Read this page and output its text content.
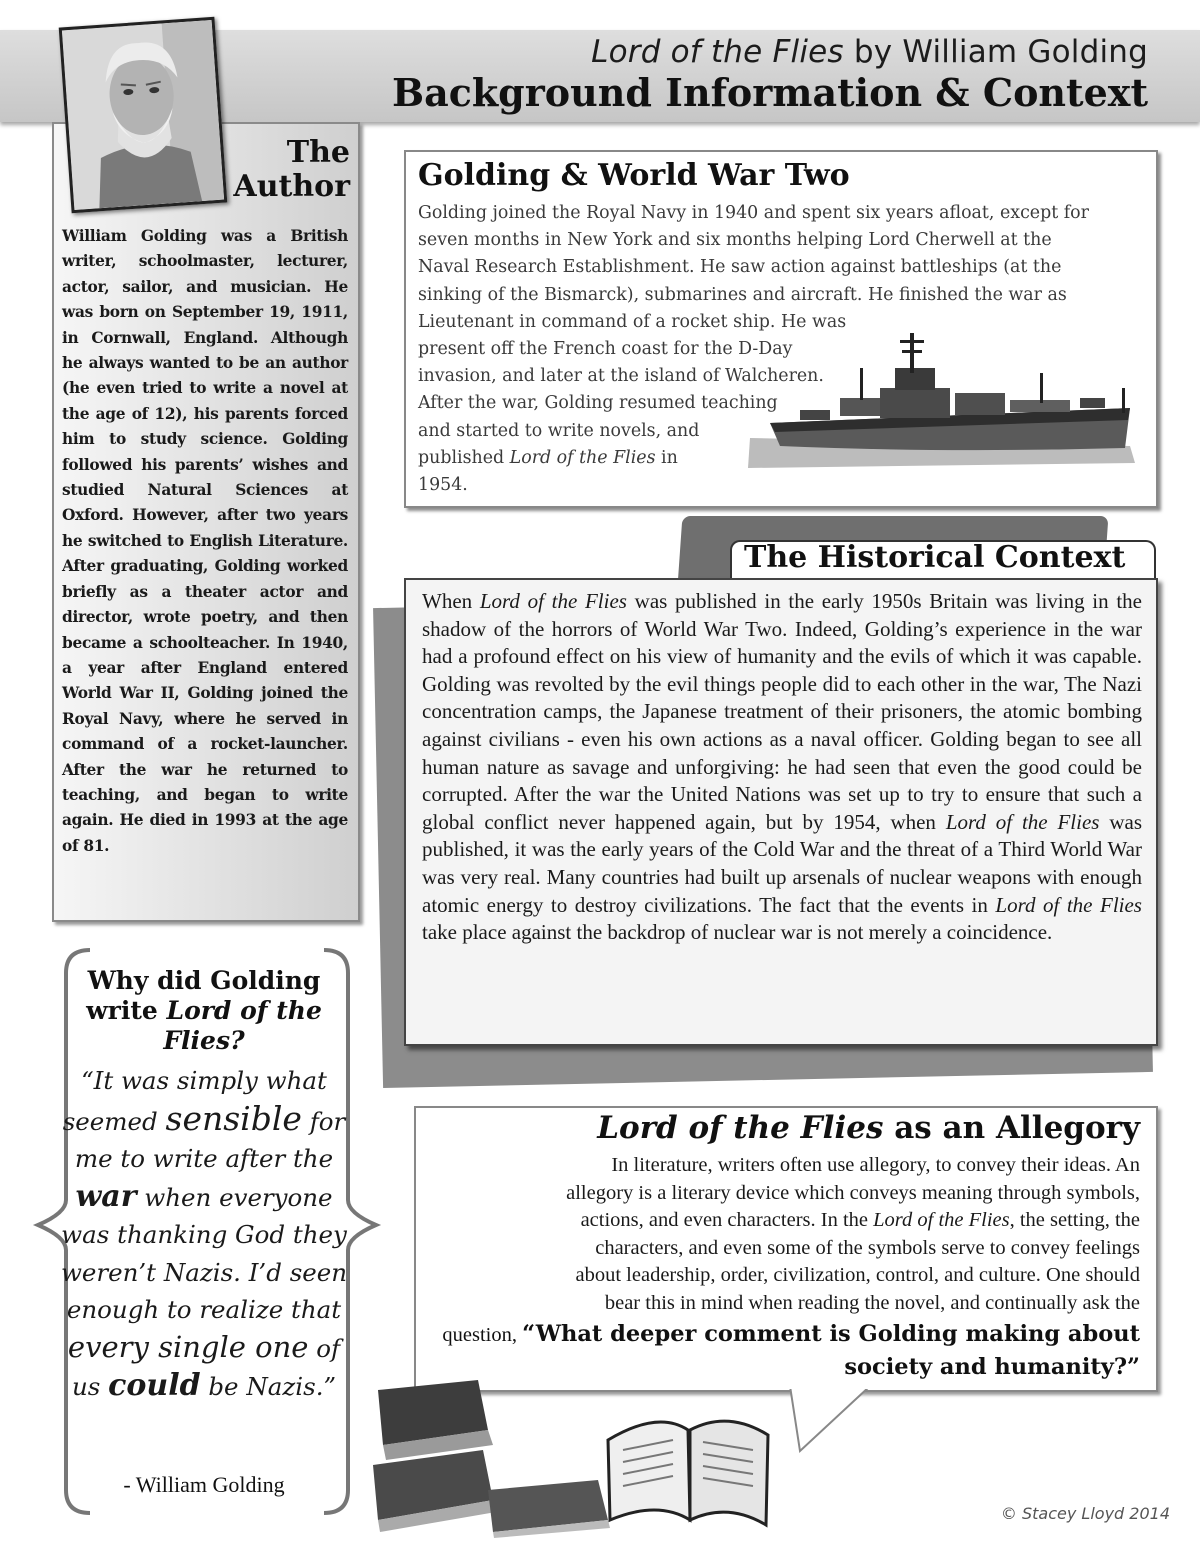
Lord of the Flies by William Golding
Background Information & Context
The
Author
William Golding was a British writer, schoolmaster, lecturer, actor, sailor, and musician. He was born on September 19, 1911, in Cornwall, England. Although he always wanted to be an author (he even tried to write a novel at the age of 12), his parents forced him to study science. Golding followed his parents’ wishes and studied Natural Sciences at Oxford. However, after two years he switched to English Literature. After graduating, Golding worked briefly as a theater actor and director, wrote poetry, and then became a schoolteacher. In 1940, a year after England entered World War II, Golding joined the Royal Navy, where he served in command of a rocket-launcher. After the war he returned to teaching, and began to write again. He died in 1993 at the age of 81.
Golding & World War Two
Golding joined the Royal Navy in 1940 and spent six years afloat, except for
seven months in New York and six months helping Lord Cherwell at the
Naval Research Establishment. He saw action against battleships (at the
sinking of the Bismarck), submarines and aircraft. He finished the war as
Lieutenant in command of a rocket ship. He was
present off the French coast for the D-Day
invasion, and later at the island of Walcheren.
After the war, Golding resumed teaching
and started to write novels, and
published Lord of the Flies in
1954.
The Historical Context
When Lord of the Flies was published in the early 1950s Britain was living in the shadow of the horrors of World War Two. Indeed, Golding’s experience in the war had a profound effect on his view of humanity and the evils of which it was capable. Golding was revolted by the evil things people did to each other in the war, The Nazi concentration camps, the Japanese treatment of their prisoners, the atomic bombing against civilians - even his own actions as a naval officer. Golding began to see all human nature as savage and unforgiving: he had seen that even the good could be corrupted. After the war the United Nations was set up to try to ensure that such a global conflict never happened again, but by 1954, when Lord of the Flies was published, it was the early years of the Cold War and the threat of a Third World War was very real. Many countries had built up arsenals of nuclear weapons with enough atomic energy to destroy civilizations. The fact that the events in Lord of the Flies take place against the backdrop of nuclear war is not merely a coincidence.
Why did Golding write Lord of the Flies?
“It was simply what seemed sensible for me to write after the war when everyone was thanking God they weren’t Nazis. I’d seen enough to realize that every single one of us could be Nazis.”
- William Golding
Lord of the Flies as an Allegory
In literature, writers often use allegory, to convey their ideas. An
allegory is a literary device which conveys meaning through symbols,
actions, and even characters. In the Lord of the Flies, the setting, the
characters, and even some of the symbols serve to convey feelings
about leadership, order, civilization, control, and culture. One should
bear this in mind when reading the novel, and continually ask the
question, “What deeper comment is Golding making about
society and humanity?”
© Stacey Lloyd 2014
